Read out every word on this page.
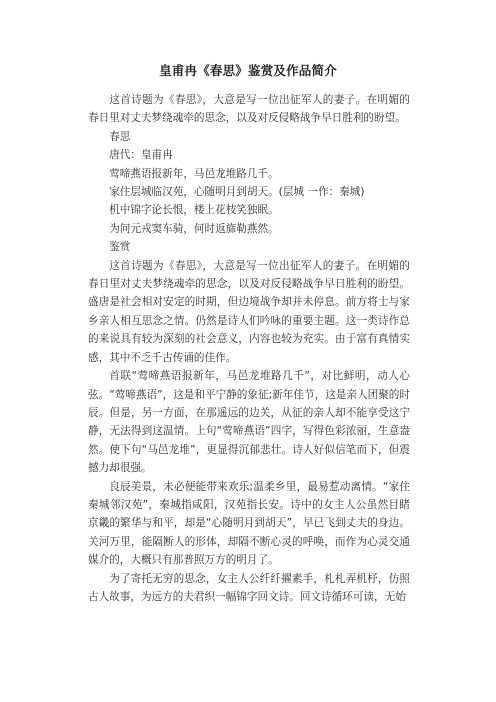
皇甫冉《春思》鉴赏及作品简介

这首诗题为《春思》，大意是写一位出征军人的妻子。在明媚的春日里对丈夫梦绕魂牵的思念，以及对反侵略战争早日胜利的盼望。

春思

唐代：皇甫冉

莺啼燕语报新年，马邑龙堆路几千。

家住层城临汉苑，心随明月到胡天。(层城 一作：秦城)

机中锦字论长恨，楼上花枝笑独眠。

为问元戎窦车骑，何时返旆勒燕然。

鉴赏

这首诗题为《春思》，大意是写一位出征军人的妻子。在明媚的春日里对丈夫梦绕魂牵的思念，以及对反侵略战争早日胜利的盼望。盛唐是社会相对安定的时期，但边境战争却并未停息。前方将士与家乡亲人相互思念之情。仍然是诗人们吟咏的重要主题。这一类诗作总的来说具有较为深刻的社会意义，内容也较为充实。由于富有真情实感，其中不乏千古传诵的佳作。

首联“莺啼燕语报新年，马邑龙堆路几千”，对比鲜明，动人心弦。“莺啼燕语”，这是和平宁静的象征;新年佳节，这是亲人团聚的时辰。但是，另一方面，在那遥远的边关，从征的亲人却不能享受这宁静，无法得到这温情。上句“莺啼燕语”四字，写得色彩浓丽，生意盎然。使下句“马邑龙堆”，更显得沉郁悲壮。诗人好似信笔而下，但震撼力却很强。

良辰美景，未必便能带来欢乐;温柔乡里，最易惹动离情。“家住秦城邻汉苑”，秦城指咸阳，汉苑指长安。诗中的女主人公虽然目睹京畿的繁华与和平，却是“心随明月到胡天”，早已飞到丈夫的身边。关河万里，能隔断人的形体，却隔不断心灵的呼唤，而作为心灵交通媒介的，大概只有那普照万方的明月了。

为了寄托无穷的思念，女主人公纤纤擢素手，札札弄机杼，仿照古人故事，为远方的夫君织一幅锦字回文诗。回文诗循环可读，无始
